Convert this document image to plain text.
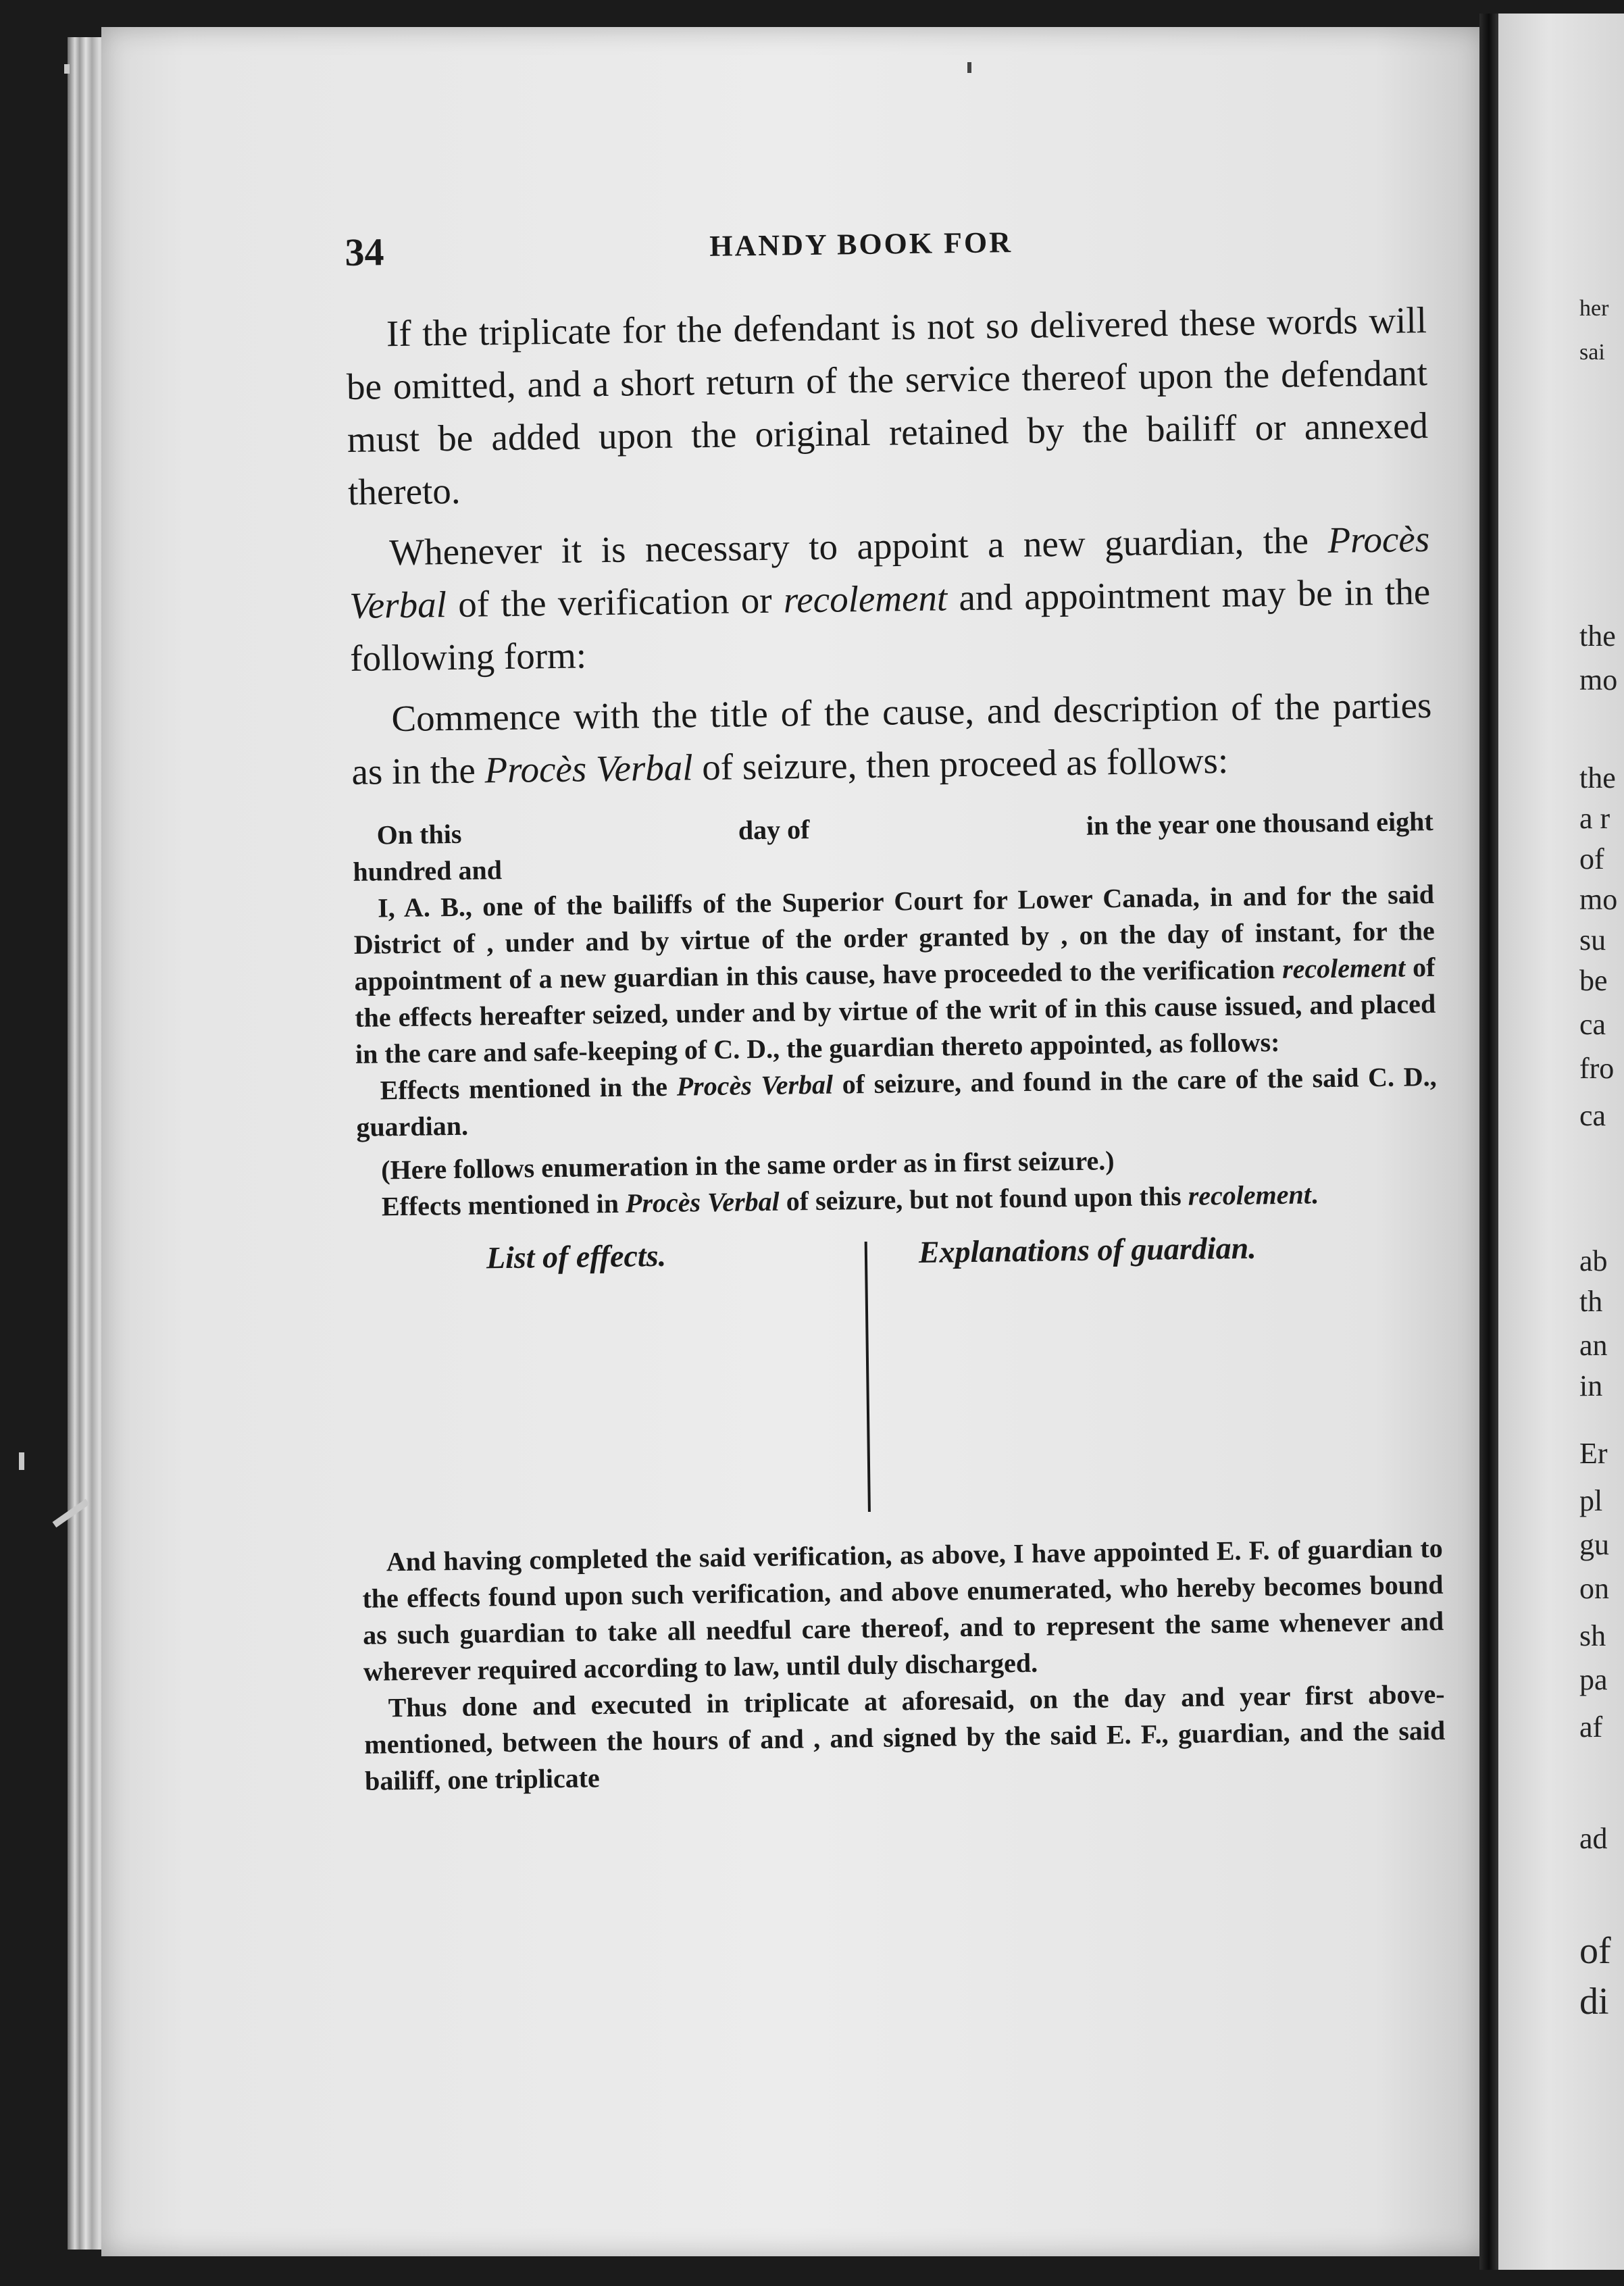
her
sai
the
mo
the
a r
of
mo
su
be
ca
fro
ca
ab
th
an
in
Er
pl
gu
on
sh
pa
af
ad
of
di
34	HANDY BOOK FOR

If the triplicate for the defendant is not so delivered these words will be omitted, and a short return of the service thereof upon the defendant must be added upon the original retained by the bailiff or annexed thereto.

Whenever it is necessary to appoint a new guardian, the Procès Verbal of the verification or recolement and appointment may be in the following form:

Commence with the title of the cause, and description of the parties as in the Procès Verbal of seizure, then proceed as follows:

On this	day of	in the year one thousand eight

hundred and

I, A. B., one of the bailiffs of the Superior Court for Lower Canada, in and for the said District of , under and by virtue of the order granted by , on the day of instant, for the appointment of a new guardian in this cause, have proceeded to the verification recolement of the effects hereafter seized, under and by virtue of the writ of in this cause issued, and placed in the care and safe-keeping of C. D., the guardian thereto appointed, as follows:

Effects mentioned in the Procès Verbal of seizure, and found in the care of the said C. D., guardian.

(Here follows enumeration in the same order as in first seizure.)

Effects mentioned in Procès Verbal of seizure, but not found upon this recolement.

List of effects.	Explanations of guardian.

And having completed the said verification, as above, I have appointed E. F. of guardian to the effects found upon such verification, and above enumerated, who hereby becomes bound as such guardian to take all needful care thereof, and to represent the same whenever and wherever required according to law, until duly discharged.

Thus done and executed in triplicate at aforesaid, on the day and year first above-mentioned, between the hours of and , and signed by the said E. F., guardian, and the said bailiff, one triplicate
